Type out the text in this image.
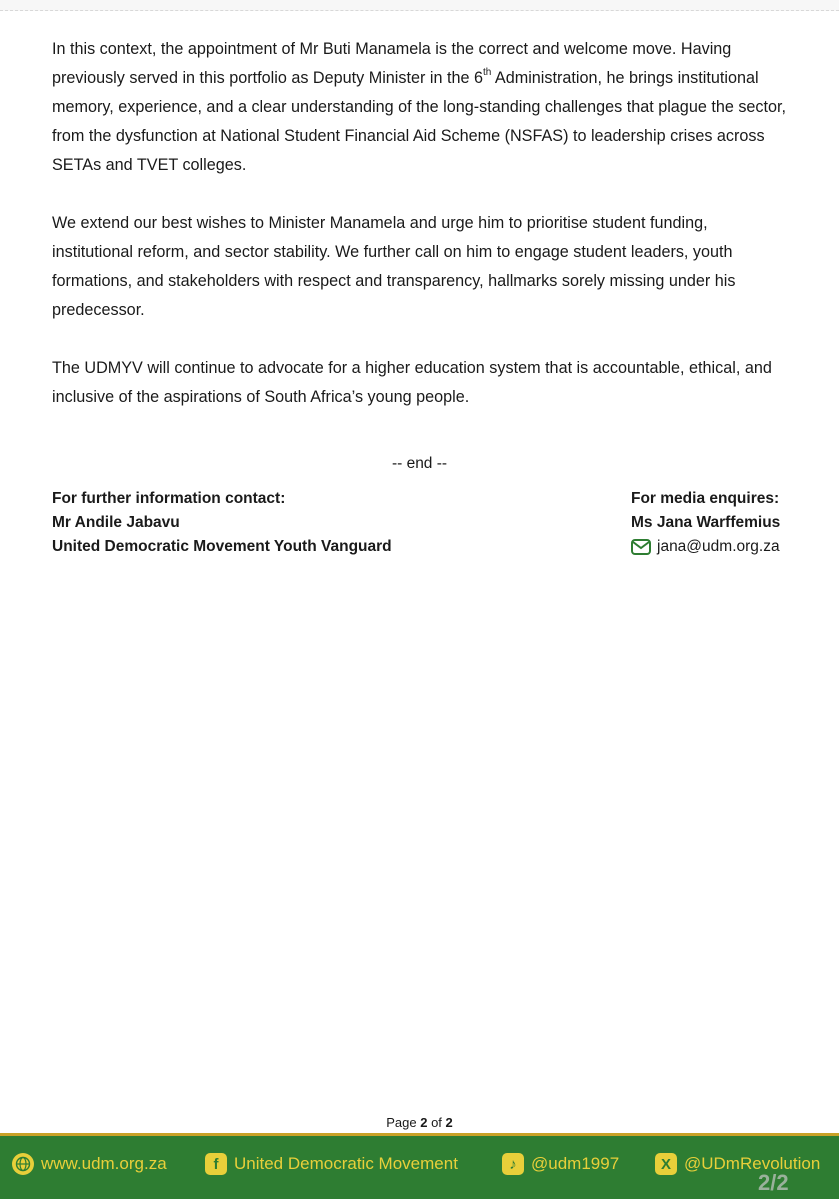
In this context, the appointment of Mr Buti Manamela is the correct and welcome move. Having previously served in this portfolio as Deputy Minister in the 6th Administration, he brings institutional memory, experience, and a clear understanding of the long-standing challenges that plague the sector, from the dysfunction at National Student Financial Aid Scheme (NSFAS) to leadership crises across SETAs and TVET colleges.

We extend our best wishes to Minister Manamela and urge him to prioritise student funding, institutional reform, and sector stability. We further call on him to engage student leaders, youth formations, and stakeholders with respect and transparency, hallmarks sorely missing under his predecessor.

The UDMYV will continue to advocate for a higher education system that is accountable, ethical, and inclusive of the aspirations of South Africa’s young people.

-- end --
For further information contact:
Mr Andile Jabavu
United Democratic Movement Youth Vanguard
For media enquires:
Ms Jana Warffemius
jana@udm.org.za
Page 2 of 2
www.udm.org.za	f United Democratic Movement	♪ @udm1997	X @UDmRevolution
2/2
